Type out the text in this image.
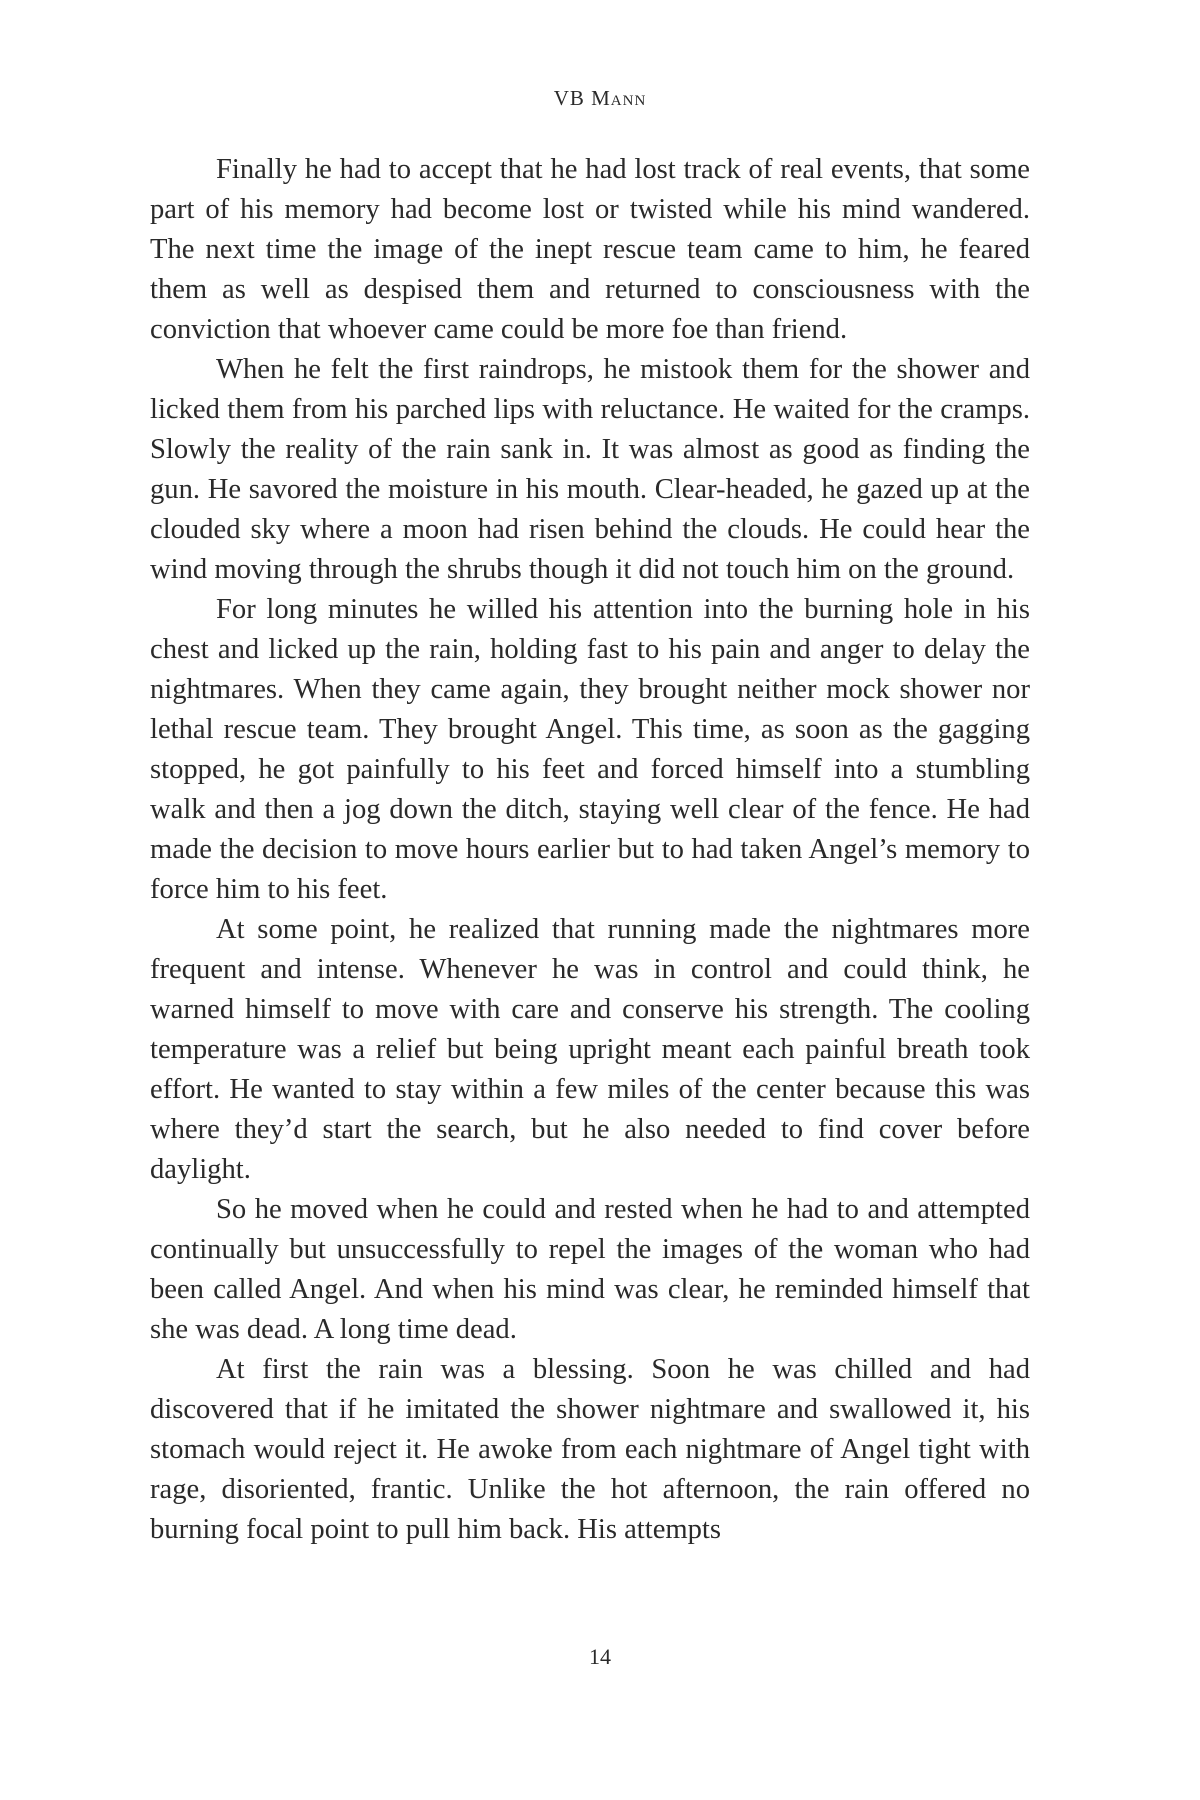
VB Mann

Finally he had to accept that he had lost track of real events, that some part of his memory had become lost or twisted while his mind wandered. The next time the image of the inept rescue team came to him, he feared them as well as despised them and returned to consciousness with the conviction that whoever came could be more foe than friend.

When he felt the first raindrops, he mistook them for the shower and licked them from his parched lips with reluctance. He waited for the cramps. Slowly the reality of the rain sank in. It was almost as good as finding the gun. He savored the moisture in his mouth. Clear-headed, he gazed up at the clouded sky where a moon had risen behind the clouds. He could hear the wind moving through the shrubs though it did not touch him on the ground.

For long minutes he willed his attention into the burning hole in his chest and licked up the rain, holding fast to his pain and anger to delay the nightmares. When they came again, they brought neither mock shower nor lethal rescue team. They brought Angel. This time, as soon as the gagging stopped, he got painfully to his feet and forced himself into a stumbling walk and then a jog down the ditch, staying well clear of the fence. He had made the decision to move hours earlier but to had taken Angel’s memory to force him to his feet.

At some point, he realized that running made the nightmares more frequent and intense. Whenever he was in control and could think, he warned himself to move with care and conserve his strength. The cooling temperature was a relief but being upright meant each painful breath took effort. He wanted to stay within a few miles of the center because this was where they’d start the search, but he also needed to find cover before daylight.

So he moved when he could and rested when he had to and attempted continually but unsuccessfully to repel the images of the woman who had been called Angel. And when his mind was clear, he reminded himself that she was dead. A long time dead.

At first the rain was a blessing. Soon he was chilled and had discovered that if he imitated the shower nightmare and swallowed it, his stomach would reject it. He awoke from each nightmare of Angel tight with rage, disoriented, frantic. Unlike the hot afternoon, the rain offered no burning focal point to pull him back. His attempts

14
